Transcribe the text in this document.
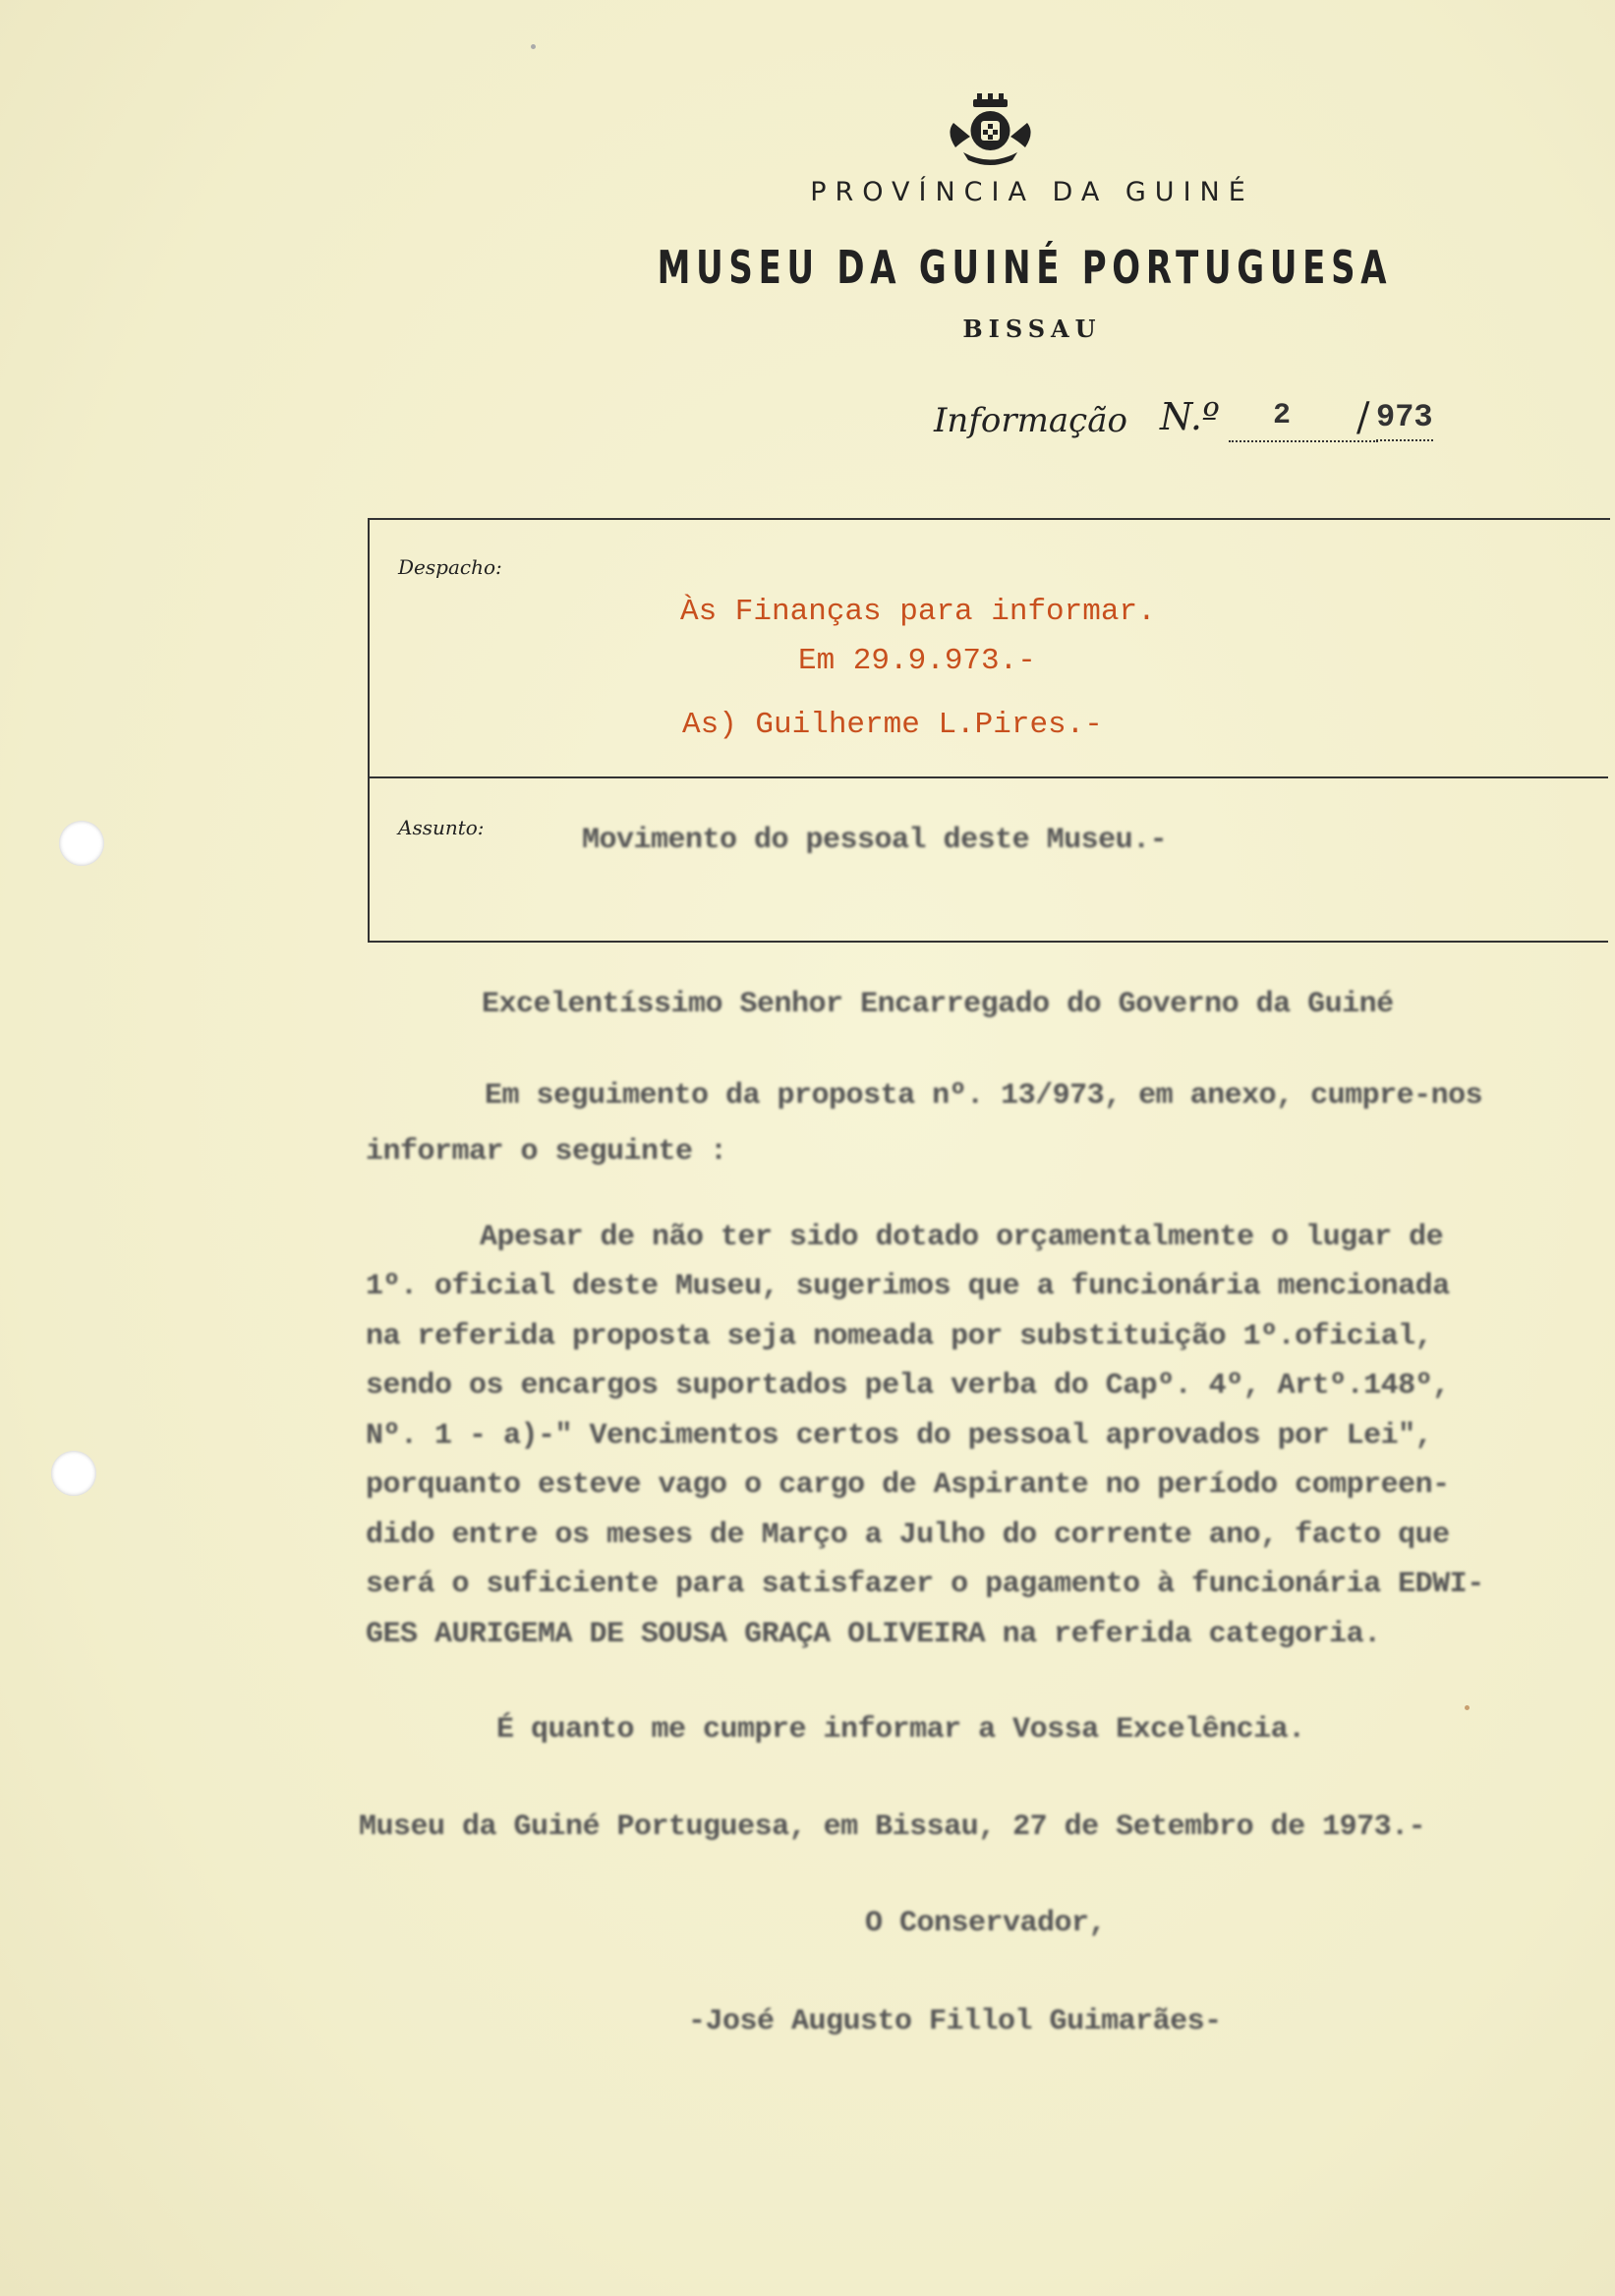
PROVÍNCIA DA GUINÉ
MUSEU DA GUINÉ PORTUGUESA
BISSAU
Informação N.º 2 / 973
Despacho:
Às Finanças para informar.
Em 29.9.973.-
As) Guilherme L.Pires.-
Assunto:	Movimento do pessoal deste Museu.-
Excelentíssimo Senhor Encarregado do Governo da Guiné
Em seguimento da proposta nº. 13/973, em anexo, cumpre-nos
informar o seguinte :
Apesar de não ter sido dotado orçamentalmente o lugar de
1º. oficial deste Museu, sugerimos que a funcionária mencionada
na referida proposta seja nomeada por substituição 1º.oficial,
sendo os encargos suportados pela verba do Capº. 4º, Artº.148º,
Nº. 1 - a)-" Vencimentos certos do pessoal aprovados por Lei",
porquanto esteve vago o cargo de Aspirante no período compreen-
dido entre os meses de Março a Julho do corrente ano, facto que
será o suficiente para satisfazer o pagamento à funcionária EDWI-
GES AURIGEMA DE SOUSA GRAÇA OLIVEIRA na referida categoria.
É quanto me cumpre informar a Vossa Excelência.
Museu da Guiné Portuguesa, em Bissau, 27 de Setembro de 1973.-
O Conservador,
-José Augusto Fillol Guimarães-
